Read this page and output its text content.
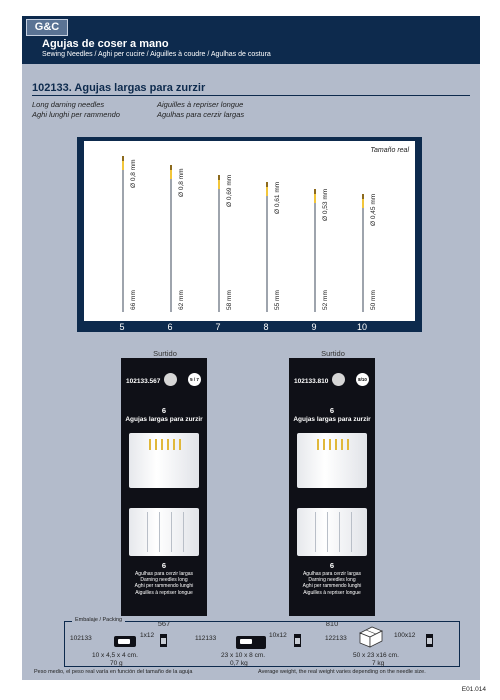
G&C
Agujas de coser a mano
Sewing Needles / Aghi per cucire / Aiguilles à coudre / Agulhas de costura
102133. Agujas largas para zurzir
Long darning needles
Aghi lunghi per rammendo
Aiguilles à repriser longue
Agulhas para cerzir largas
Tamaño real
Ø 0,8 mm
66 mm
5
Ø 0,8 mm
62 mm
6
Ø 0,69 mm
58 mm
7
Ø 0,61 mm
55 mm
8
Ø 0,53 mm
52 mm
9
Ø 0,45 mm
50 mm
10
Surtido
102133.567	5 / 7
6
Agujas largas para zurzir
6
Agulhas para cerzir largas
Darning needles long
Aghi per rammendo lunghi
Aiguilles à repriser longue
567
Surtido
102133.810	8/10
6
Agujas largas para zurzir
6
Agulhas para cerzir largas
Darning needles long
Aghi per rammendo lunghi
Aiguilles à repriser longue
810
Embalaje / Packing
102133	1x12
10 x 4,5 x 4 cm.
70 g
112133	10x12
23 x 10 x 8 cm.
0,7 kg
122133	100x12
50 x 23 x16 cm.
7 kg
Peso medio, el peso real varía en función del tamaño de la aguja	Average weight, the real weight varies depending on the needle size.
E01.014
